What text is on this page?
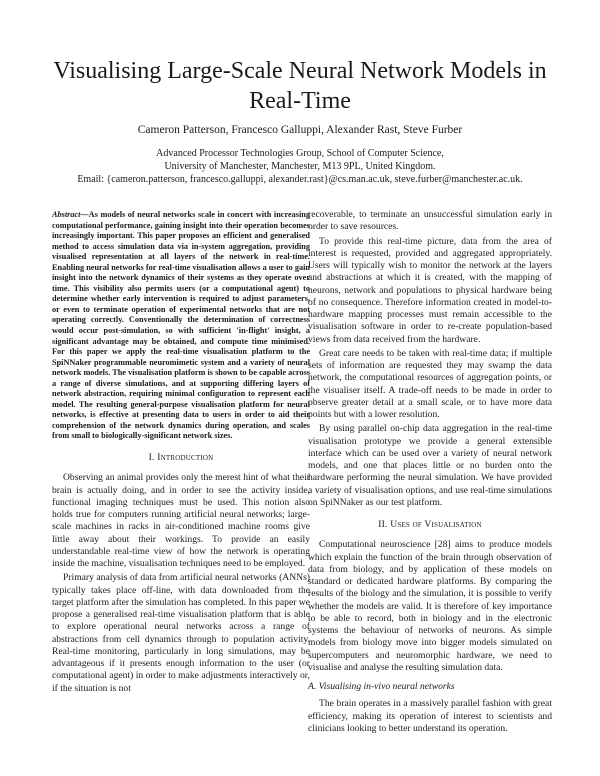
Visualising Large-Scale Neural Network Models in Real-Time
Cameron Patterson, Francesco Galluppi, Alexander Rast, Steve Furber
Advanced Processor Technologies Group, School of Computer Science,
University of Manchester, Manchester, M13 9PL, United Kingdom.
Email: {cameron.patterson, francesco.galluppi, alexander.rast}@cs.man.ac.uk, steve.furber@manchester.ac.uk.

Abstract—As models of neural networks scale in concert with increasing computational performance, gaining insight into their operation becomes increasingly important. This paper proposes an efficient and generalised method to access simulation data via in-system aggregation, providing visualised representation at all layers of the network in real-time. Enabling neural networks for real-time visualisation allows a user to gain insight into the network dynamics of their systems as they operate over time. This visibility also permits users (or a computational agent) to determine whether early intervention is required to adjust parameters, or even to terminate operation of experimental networks that are not operating correctly. Conventionally the determination of correctness would occur post-simulation, so with sufficient 'in-flight' insight, a significant advantage may be obtained, and compute time minimised. For this paper we apply the real-time visualisation platform to the SpiNNaker programmable neuromimetic system and a variety of neural network models. The visualisation platform is shown to be capable across a range of diverse simulations, and at supporting differing layers of network abstraction, requiring minimal configuration to represent each model. The resulting general-purpose visualisation platform for neural networks, is effective at presenting data to users in order to aid their comprehension of the network dynamics during operation, and scales from small to biologically-significant network sizes.

I. Introduction

Observing an animal provides only the merest hint of what their brain is actually doing, and in order to see the activity inside, functional imaging techniques must be used. This notion also holds true for computers running artificial neural networks; large-scale machines in racks in air-conditioned machine rooms give little away about their workings. To provide an easily understandable real-time view of how the network is operating inside the machine, visualisation techniques need to be employed.

Primary analysis of data from artificial neural networks (ANNs) typically takes place off-line, with data downloaded from the target platform after the simulation has completed. In this paper we propose a generalised real-time visualisation platform that is able to explore operational neural networks across a range of abstractions from cell dynamics through to population activity. Real-time monitoring, particularly in long simulations, may be advantageous if it presents enough information to the user (or computational agent) in order to make adjustments interactively or, if the situation is not

recoverable, to terminate an unsuccessful simulation early in order to save resources.

To provide this real-time picture, data from the area of interest is requested, provided and aggregated appropriately. Users will typically wish to monitor the network at the layers and abstractions at which it is created, with the mapping of neurons, network and populations to physical hardware being of no consequence. Therefore information created in model-to-hardware mapping processes must remain accessible to the visualisation software in order to re-create population-based views from data received from the hardware.

Great care needs to be taken with real-time data; if multiple sets of information are requested they may swamp the data network, the computational resources of aggregation points, or the visualiser itself. A trade-off needs to be made in order to observe greater detail at a small scale, or to have more data points but with a lower resolution.

By using parallel on-chip data aggregation in the real-time visualisation prototype we provide a general extensible interface which can be used over a variety of neural network models, and one that places little or no burden onto the hardware performing the neural simulation. We have provided a variety of visualisation options, and use real-time simulations on SpiNNaker as our test platform.

II. Uses of Visualisation

Computational neuroscience [28] aims to produce models which explain the function of the brain through observation of data from biology, and by application of these models on standard or dedicated hardware platforms. By comparing the results of the biology and the simulation, it is possible to verify whether the models are valid. It is therefore of key importance to be able to record, both in biology and in the electronic systems the behaviour of networks of neurons. As simple models from biology move into bigger models simulated on supercomputers and neuromorphic hardware, we need to visualise and analyse the resulting simulation data.

A. Visualising in-vivo neural networks

The brain operates in a massively parallel fashion with great efficiency, making its operation of interest to scientists and clinicians looking to better understand its operation.
